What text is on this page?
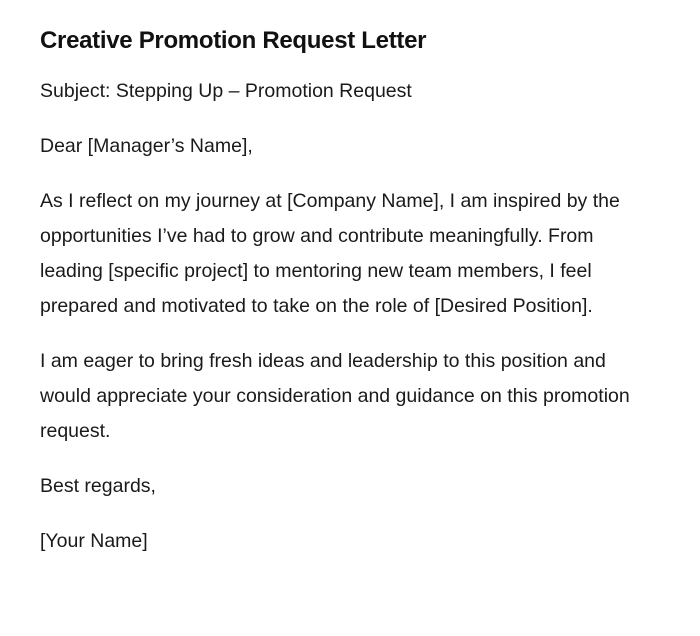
Creative Promotion Request Letter

Subject: Stepping Up – Promotion Request

Dear [Manager’s Name],

As I reflect on my journey at [Company Name], I am inspired by the opportunities I’ve had to grow and contribute meaningfully. From leading [specific project] to mentoring new team members, I feel prepared and motivated to take on the role of [Desired Position].

I am eager to bring fresh ideas and leadership to this position and would appreciate your consideration and guidance on this promotion request.

Best regards,

[Your Name]
